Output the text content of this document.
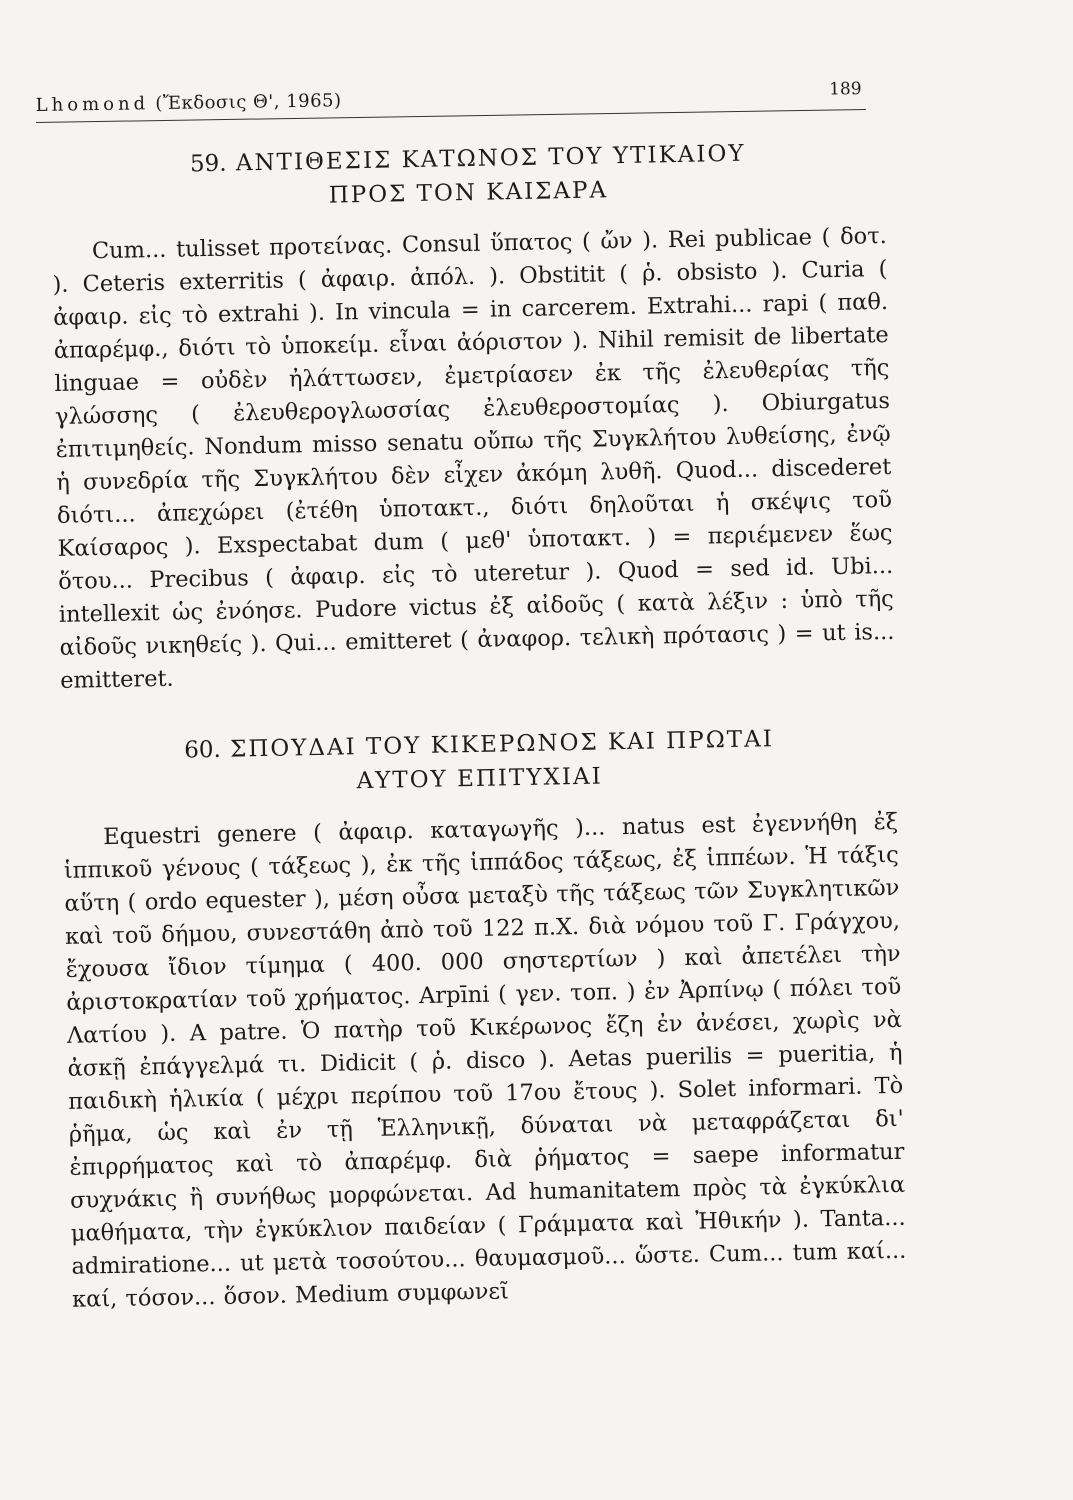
Lhomond (Ἔκδοσις Θ', 1965)
189
59. ΑΝΤΙΘΕΣΙΣ ΚΑΤΩΝΟΣ ΤΟΥ ΥΤΙΚΑΙΟΥ
ΠΡΟΣ ΤΟΝ ΚΑΙΣΑΡΑ

Cum... tulisset προτείνας. Consul ὕπατος ( ὤν ). Rei publicae ( δοτ. ). Ceteris exterritis ( ἀφαιρ. ἀπόλ. ). Obstitit ( ῥ. obsisto ). Curia ( ἀφαιρ. εἰς τὸ extrahi ). In vincula = in carcerem. Extrahi... rapi ( παθ. ἀπαρέμφ., διότι τὸ ὑποκείμ. εἶναι ἀόριστον ). Nihil remisit de libertate linguae = οὐδὲν ἠλάττωσεν, ἐμετρίασεν ἐκ τῆς ἐλευθερίας τῆς γλώσσης ( ἐλευθερογλωσσίας ἐλευθεροστομίας ). Obiurgatus ἐπιτιμηθείς. Nondum misso senatu οὔπω τῆς Συγκλήτου λυθείσης, ἐνῷ ἡ συνεδρία τῆς Συγκλήτου δὲν εἶχεν ἀκόμη λυθῆ. Quod... discederet διότι... ἀπεχώρει (ἐτέθη ὑποτακτ., διότι δηλοῦται ἡ σκέψις τοῦ Καίσαρος ). Exspectabat dum ( μεθ' ὑποτακτ. ) = περιέμενεν ἕως ὅτου... Precibus ( ἀφαιρ. εἰς τὸ uteretur ). Quod = sed id. Ubi... intellexit ὡς ἐνόησε. Pudore victus ἐξ αἰδοῦς ( κατὰ λέξιν : ὑπὸ τῆς αἰδοῦς νικηθείς ). Qui... emitteret ( ἀναφορ. τελικὴ πρότασις ) = ut is... emitteret.

60. ΣΠΟΥΔΑΙ ΤΟΥ ΚΙΚΕΡΩΝΟΣ ΚΑΙ ΠΡΩΤΑΙ
ΑΥΤΟΥ ΕΠΙΤΥΧΙΑΙ

Equestri genere ( ἀφαιρ. καταγωγῆς )... natus est ἐγεννήθη ἐξ ἱππικοῦ γένους ( τάξεως ), ἐκ τῆς ἱππάδος τάξεως, ἐξ ἱππέων. Ἡ τάξις αὕτη ( ordo equester ), μέση οὖσα μεταξὺ τῆς τάξεως τῶν Συγκλητικῶν καὶ τοῦ δήμου, συνεστάθη ἀπὸ τοῦ 122 π.Χ. διὰ νόμου τοῦ Γ. Γράγχου, ἔχουσα ἴδιον τίμημα ( 400. 000 σηστερτίων ) καὶ ἀπετέλει τὴν ἀριστοκρατίαν τοῦ χρήματος. Arpīni ( γεν. τοπ. ) ἐν Ἀρπίνῳ ( πόλει τοῦ Λατίου ). A patre. Ὁ πατὴρ τοῦ Κικέρωνος ἔζη ἐν ἀνέσει, χωρὶς νὰ ἀσκῇ ἐπάγγελμά τι. Didicit ( ῥ. disco ). Aetas puerilis = pueritia, ἡ παιδικὴ ἡλικία ( μέχρι περίπου τοῦ 17ου ἔτους ). Solet informari. Τὸ ῥῆμα, ὡς καὶ ἐν τῇ Ἑλληνικῇ, δύναται νὰ μεταφράζεται δι' ἐπιρρήματος καὶ τὸ ἀπαρέμφ. διὰ ῥήματος = saepe informatur συχνάκις ἢ συνήθως μορφώνεται. Ad humanitatem πρὸς τὰ ἐγκύκλια μαθήματα, τὴν ἐγκύκλιον παιδείαν ( Γράμματα καὶ Ἠθικήν ). Tanta... admiratione... ut μετὰ τοσούτου... θαυμασμοῦ... ὥστε. Cum... tum καί... καί, τόσον... ὅσον. Medium συμφωνεῖ
